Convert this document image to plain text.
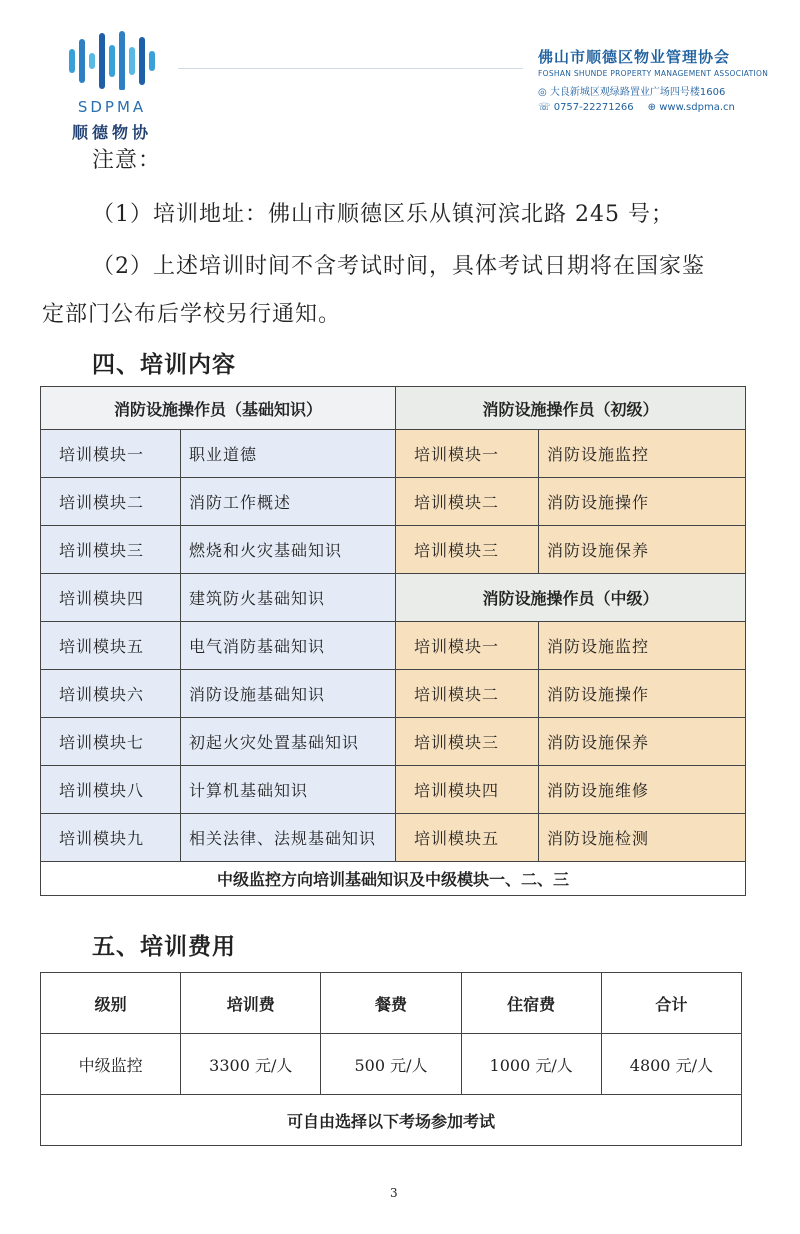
SDPMA
顺德物协
佛山市顺德区物业管理协会
FOSHAN SHUNDE PROPERTY MANAGEMENT ASSOCIATION
◎ 大良新城区观绿路置业广场四号楼1606
☏ 0757-22271266 ⊕ www.sdpma.cn
注意：
（1）培训地址：佛山市顺德区乐从镇河滨北路 245 号；
（2）上述培训时间不含考试时间，具体考试日期将在国家鉴
定部门公布后学校另行通知。
四、培训内容
消防设施操作员（基础知识）		消防设施操作员（初级）	
培训模块一	职业道德	培训模块一	消防设施监控
培训模块二	消防工作概述	培训模块二	消防设施操作
培训模块三	燃烧和火灾基础知识	培训模块三	消防设施保养
培训模块四	建筑防火基础知识	消防设施操作员（中级）	
培训模块五	电气消防基础知识	培训模块一	消防设施监控
培训模块六	消防设施基础知识	培训模块二	消防设施操作
培训模块七	初起火灾处置基础知识	培训模块三	消防设施保养
培训模块八	计算机基础知识	培训模块四	消防设施维修
培训模块九	相关法律、法规基础知识	培训模块五	消防设施检测
中级监控方向培训基础知识及中级模块一、二、三			
五、培训费用
级别	培训费	餐费	住宿费	合计
中级监控	3300 元/人	500 元/人	1000 元/人	4800 元/人
可自由选择以下考场参加考试				
3
